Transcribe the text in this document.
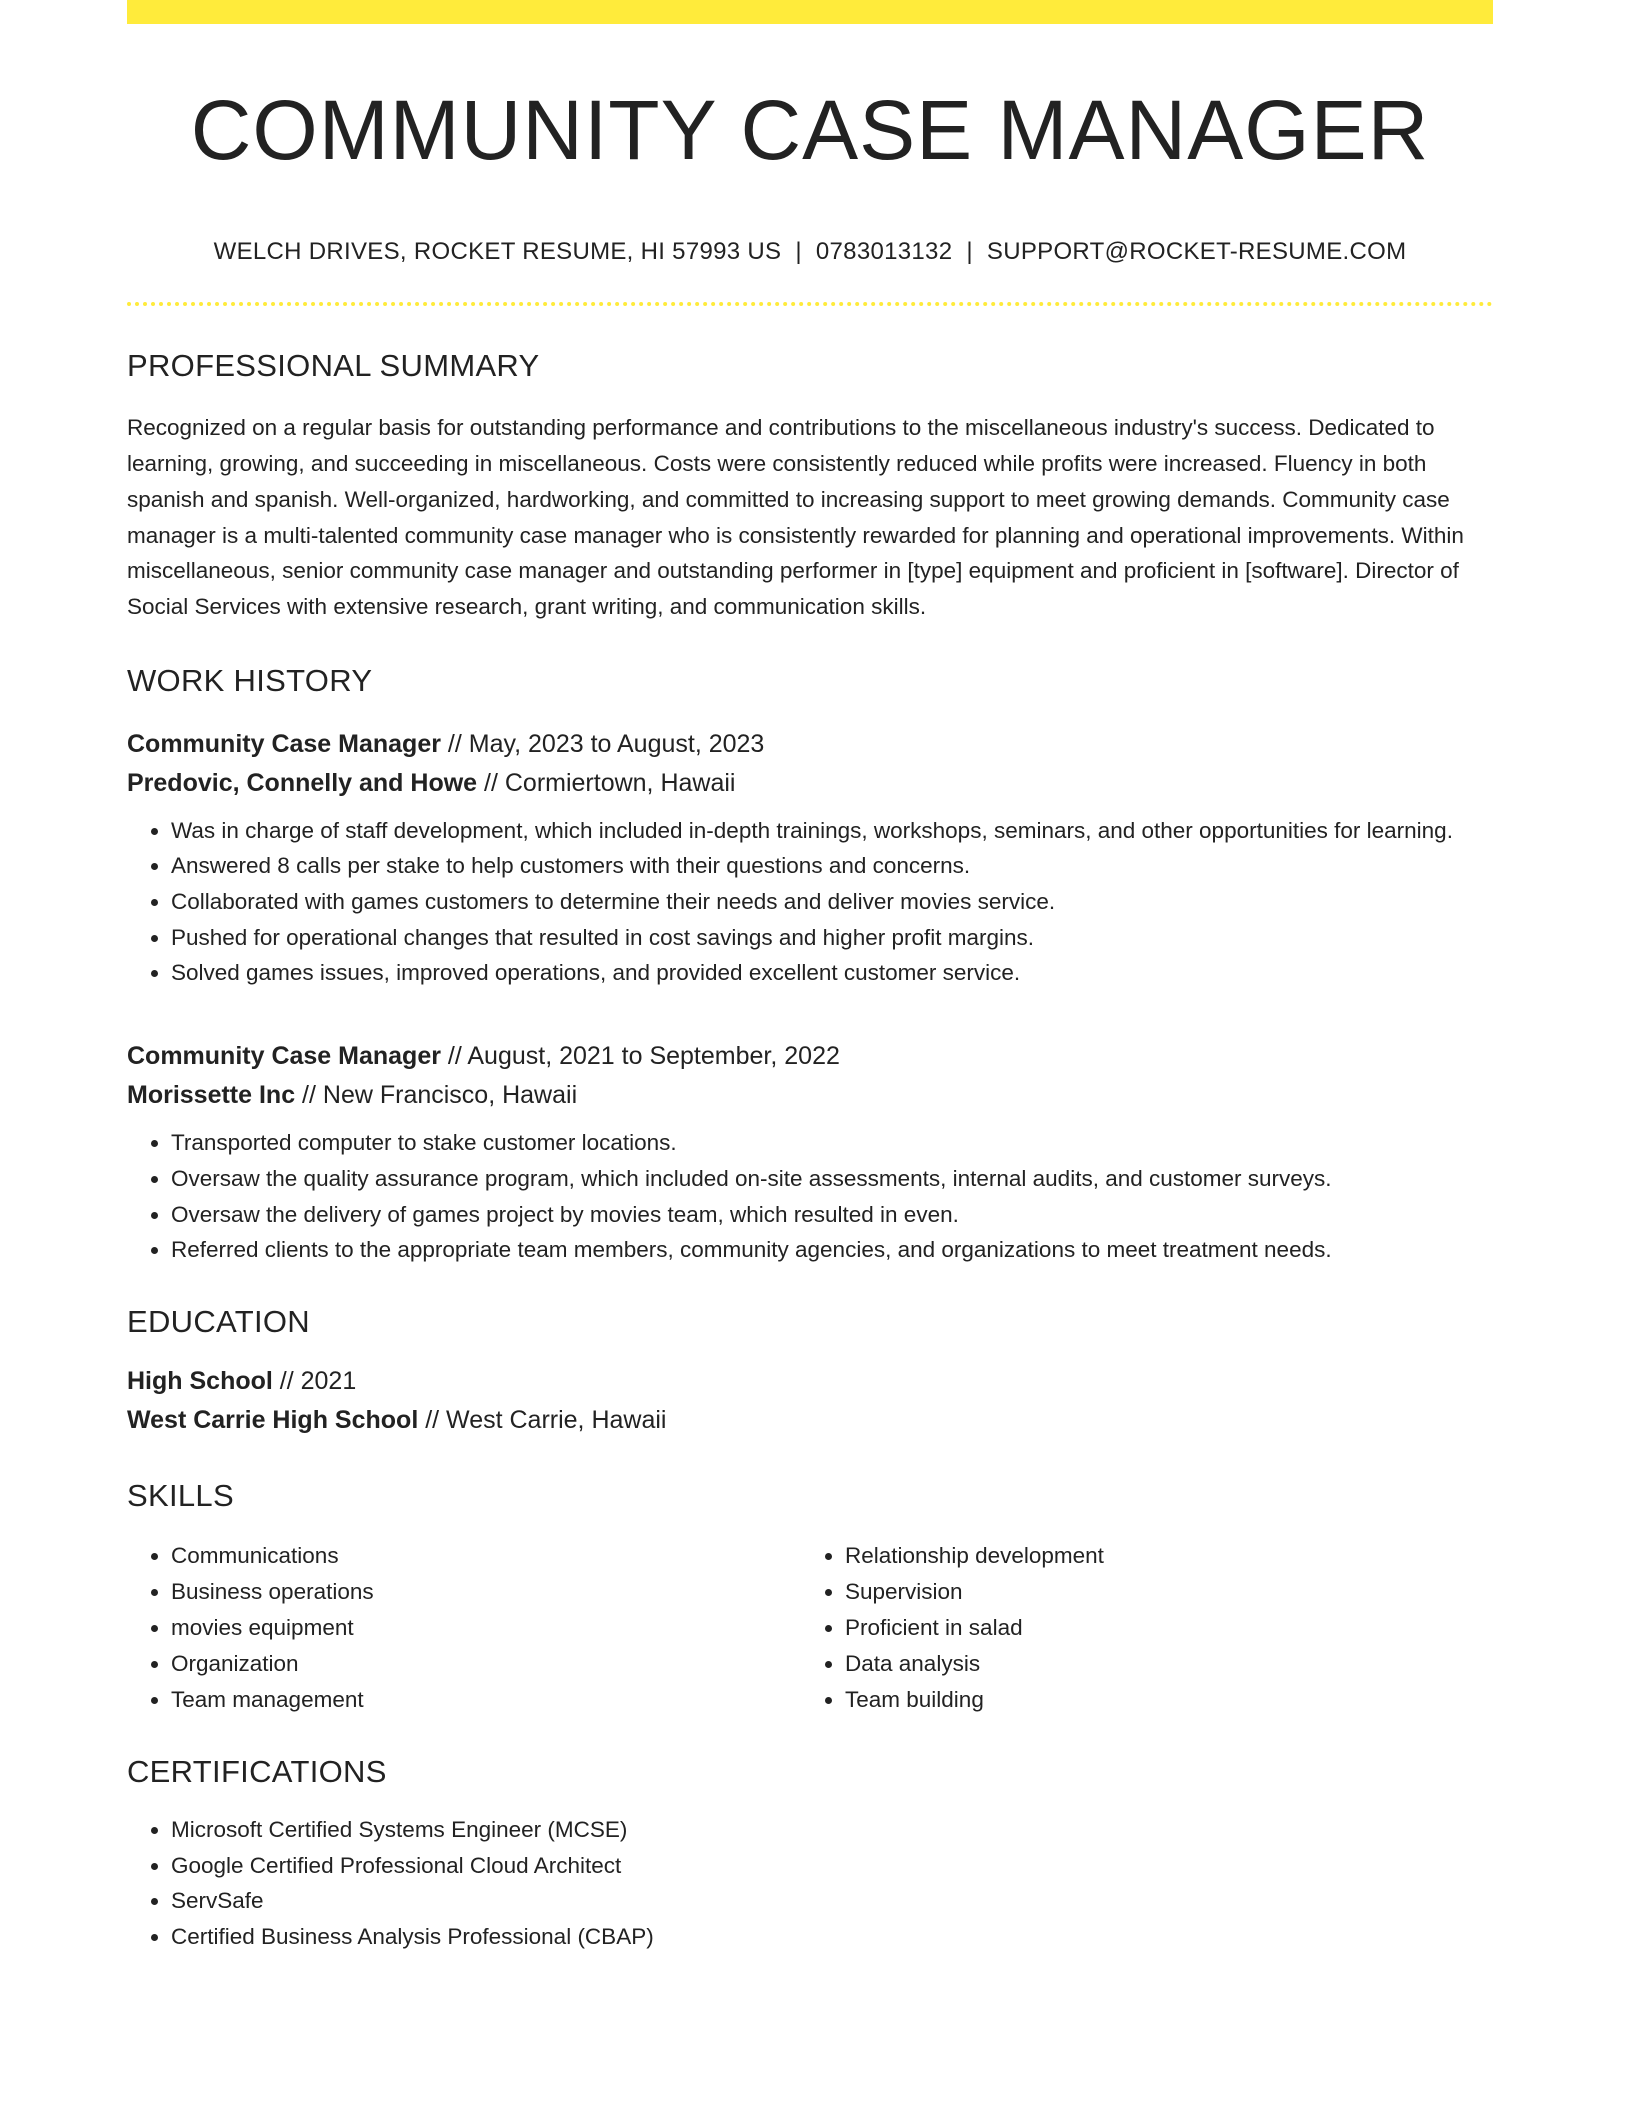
COMMUNITY CASE MANAGER
WELCH DRIVES, ROCKET RESUME, HI 57993 US | 0783013132 | SUPPORT@ROCKET-RESUME.COM
PROFESSIONAL SUMMARY

Recognized on a regular basis for outstanding performance and contributions to the miscellaneous industry's success. Dedicated to learning, growing, and succeeding in miscellaneous. Costs were consistently reduced while profits were increased. Fluency in both spanish and spanish. Well-organized, hardworking, and committed to increasing support to meet growing demands. Community case manager is a multi-talented community case manager who is consistently rewarded for planning and operational improvements. Within miscellaneous, senior community case manager and outstanding performer in [type] equipment and proficient in [software]. Director of Social Services with extensive research, grant writing, and communication skills.

WORK HISTORY
Community Case Manager // May, 2023 to August, 2023
Predovic, Connelly and Howe // Cormiertown, Hawaii
• Was in charge of staff development, which included in-depth trainings, workshops, seminars, and other opportunities for learning.
• Answered 8 calls per stake to help customers with their questions and concerns.
• Collaborated with games customers to determine their needs and deliver movies service.
• Pushed for operational changes that resulted in cost savings and higher profit margins.
• Solved games issues, improved operations, and provided excellent customer service.
Community Case Manager // August, 2021 to September, 2022
Morissette Inc // New Francisco, Hawaii
• Transported computer to stake customer locations.
• Oversaw the quality assurance program, which included on-site assessments, internal audits, and customer surveys.
• Oversaw the delivery of games project by movies team, which resulted in even.
• Referred clients to the appropriate team members, community agencies, and organizations to meet treatment needs.
EDUCATION
High School // 2021
West Carrie High School // West Carrie, Hawaii
SKILLS
• Communications
• Business operations
• movies equipment
• Organization
• Team management
• Relationship development
• Supervision
• Proficient in salad
• Data analysis
• Team building
CERTIFICATIONS
• Microsoft Certified Systems Engineer (MCSE)
• Google Certified Professional Cloud Architect
• ServSafe
• Certified Business Analysis Professional (CBAP)
